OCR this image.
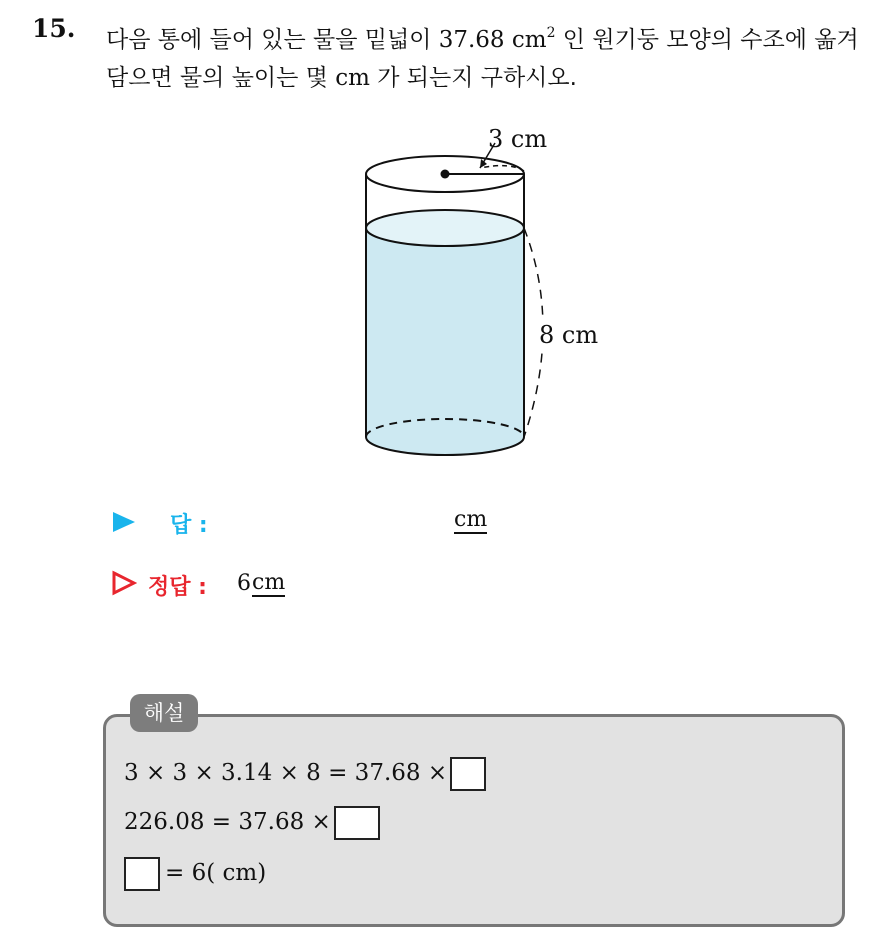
15. 다음 통에 들어 있는 물을 밑넓이 37.68 $cm^2$ 인 원기둥 모양의 수조에 옮겨 담으면 물의 높이는 몇 cm 가 되는지 구하시오.
3 cm
8 cm
답 :	cm
정답 : 6 cm
해설
3 × 3 × 3.14 × 8 = 37.68 ×
226.08 = 37.68 ×
= 6( cm)
